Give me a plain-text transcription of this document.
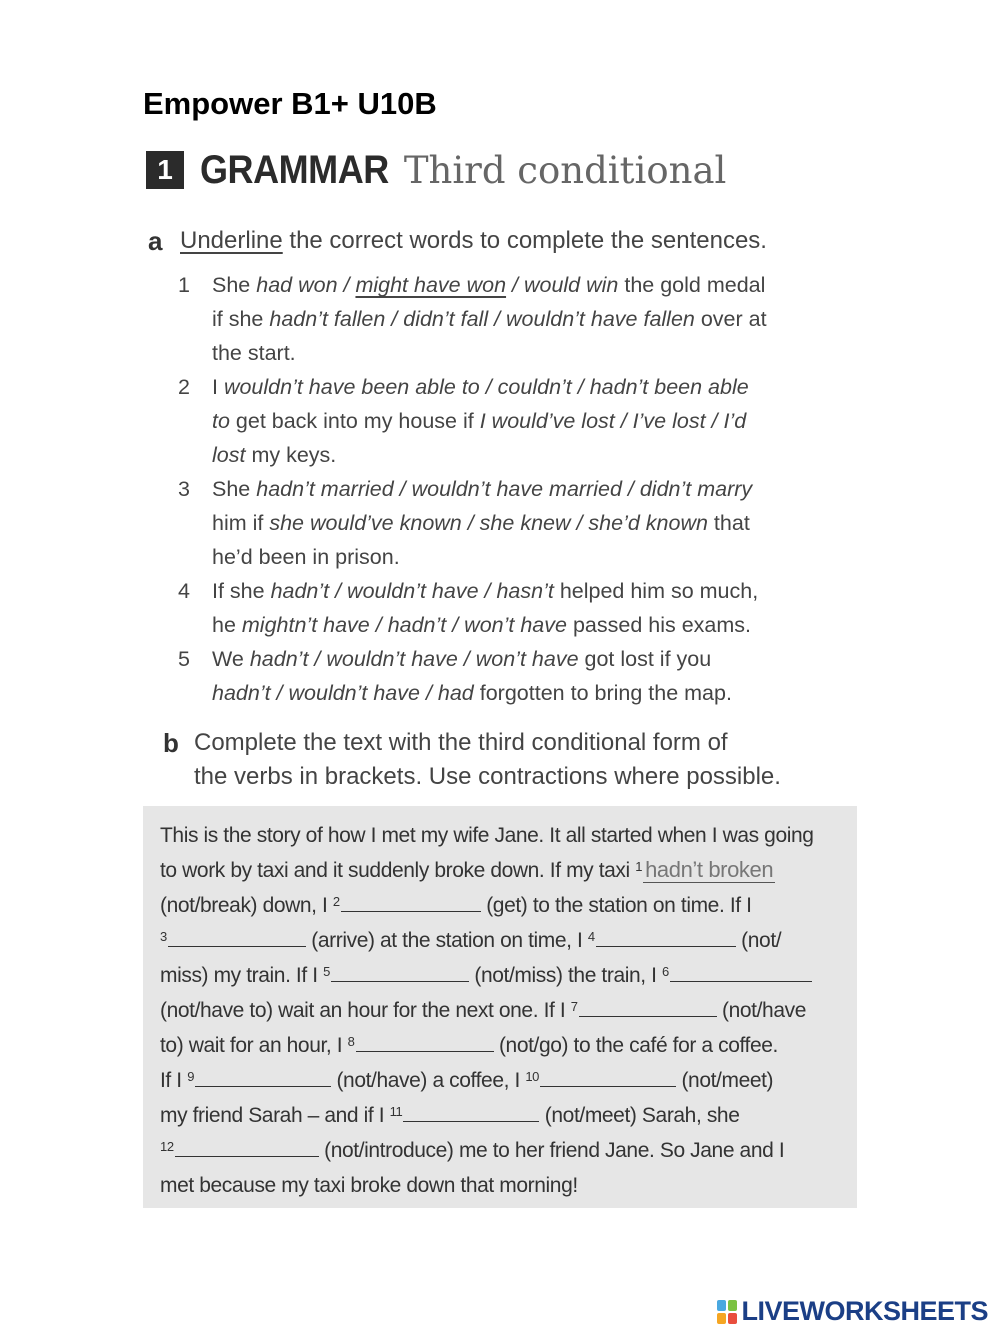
Empower B1+ U10B
1 GRAMMAR Third conditional
a Underline the correct words to complete the sentences.
1	She had won / might have won / would win the gold medal
if she hadn’t fallen / didn’t fall / wouldn’t have fallen over at
the start.
2	I wouldn’t have been able to / couldn’t / hadn’t been able
to get back into my house if I would’ve lost / I’ve lost / I’d
lost my keys.
3	She hadn’t married / wouldn’t have married / didn’t marry
him if she would’ve known / she knew / she’d known that
he’d been in prison.
4	If she hadn’t / wouldn’t have / hasn’t helped him so much,
he mightn’t have / hadn’t / won’t have passed his exams.
5	We hadn’t / wouldn’t have / won’t have got lost if you
hadn’t / wouldn’t have / had forgotten to bring the map.
b Complete the text with the third conditional form of
the verbs in brackets. Use contractions where possible.
This is the story of how I met my wife Jane. It all started when I was going
to work by taxi and it suddenly broke down. If my taxi $^1$ hadn’t broken
(not/break) down, I $^2$	(get) to the station on time. If I
$^3$	(arrive) at the station on time, I $^4$	(not/
miss) my train. If I $^5$	(not/miss) the train, I $^6$
(not/have to) wait an hour for the next one. If I $^7$	(not/have
to) wait for an hour, I $^8$	(not/go) to the café for a coffee.
If I $^9$	(not/have) a coffee, I $^{10}$	(not/meet)
my friend Sarah – and if I $^{11}$	(not/meet) Sarah, she
$^{12}$	(not/introduce) me to her friend Jane. So Jane and I
met because my taxi broke down that morning!
LIVEWORKSHEETS
